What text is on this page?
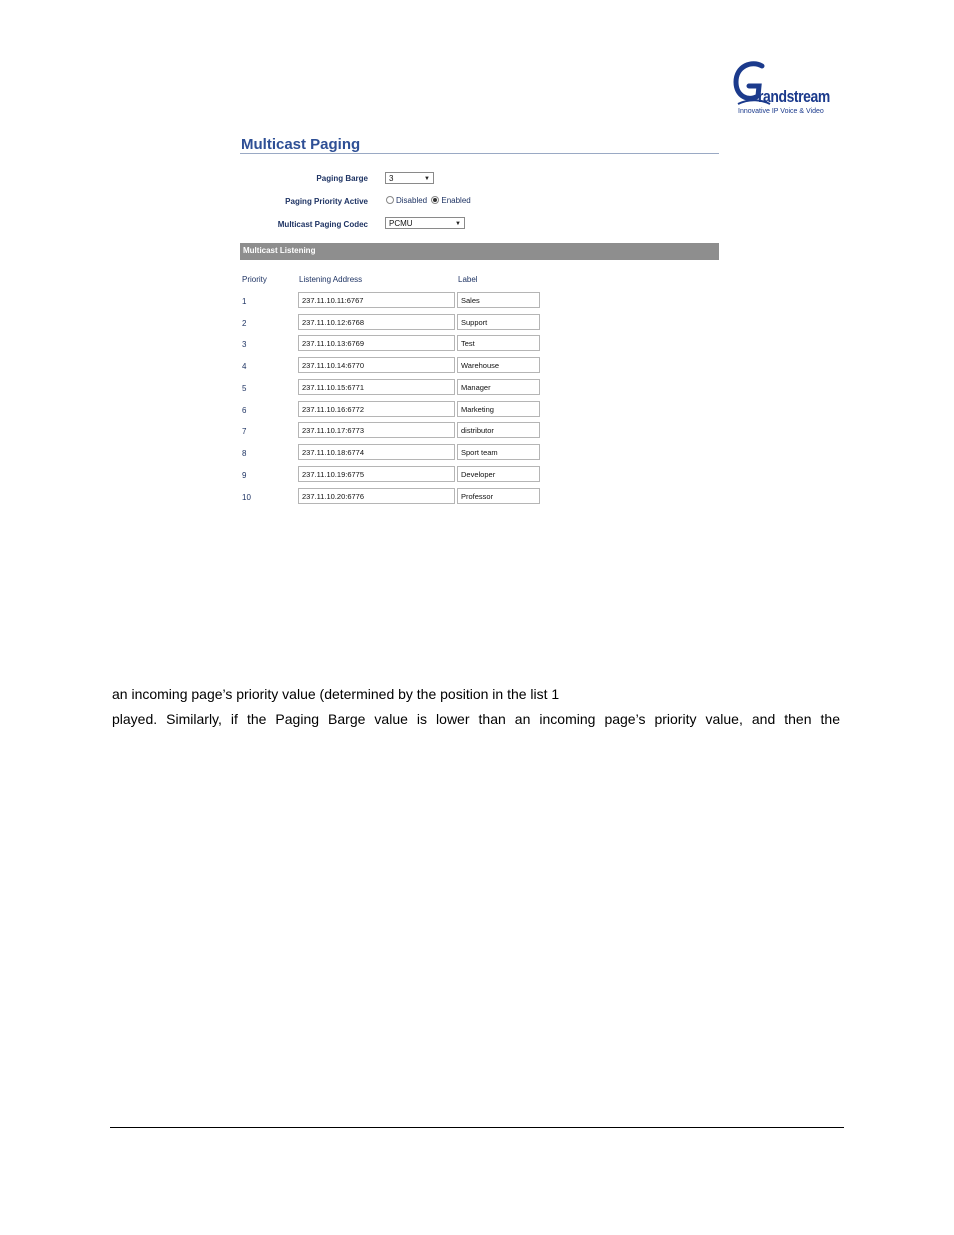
randstream
Innovative IP Voice & Video
Multicast Paging
Paging Barge	3	▼
Paging Priority Active	Disabled Enabled
Multicast Paging Codec	PCMU	▼
Multicast Listening
Priority	Listening Address	Label
1	237.11.10.11:6767	Sales
2	237.11.10.12:6768	Support
3	237.11.10.13:6769	Test
4	237.11.10.14:6770	Warehouse
5	237.11.10.15:6771	Manager
6	237.11.10.16:6772	Marketing
7	237.11.10.17:6773	distributor
8	237.11.10.18:6774	Sport team
9	237.11.10.19:6775	Developer
10	237.11.10.20:6776	Professor
an incoming page’s priority value (determined by the position in the list 1
played. Similarly, if the Paging Barge value is lower than an incoming page’s priority value, and then the
